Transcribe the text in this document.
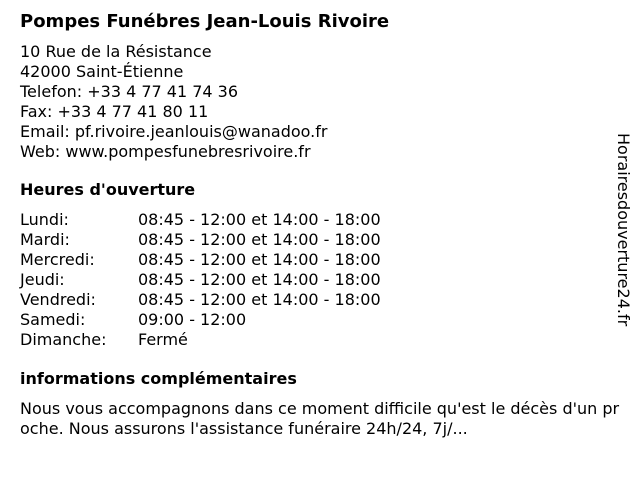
Pompes Funébres Jean-Louis Rivoire
10 Rue de la Résistance
42000 Saint-Étienne
Telefon: +33 4 77 41 74 36
Fax: +33 4 77 41 80 11
Email: pf.rivoire.jeanlouis@wanadoo.fr
Web: www.pompesfunebresrivoire.fr
Heures d'ouverture
Lundi:	08:45 - 12:00 et 14:00 - 18:00
Mardi:	08:45 - 12:00 et 14:00 - 18:00
Mercredi:	08:45 - 12:00 et 14:00 - 18:00
Jeudi:	08:45 - 12:00 et 14:00 - 18:00
Vendredi:	08:45 - 12:00 et 14:00 - 18:00
Samedi:	09:00 - 12:00
Dimanche:	Fermé
informations complémentaires

Nous vous accompagnons dans ce moment difficile qu'est le décès d'un proche. Nous assurons l'assistance funéraire 24h/24, 7j/...

Horairesdouverture24.fr
